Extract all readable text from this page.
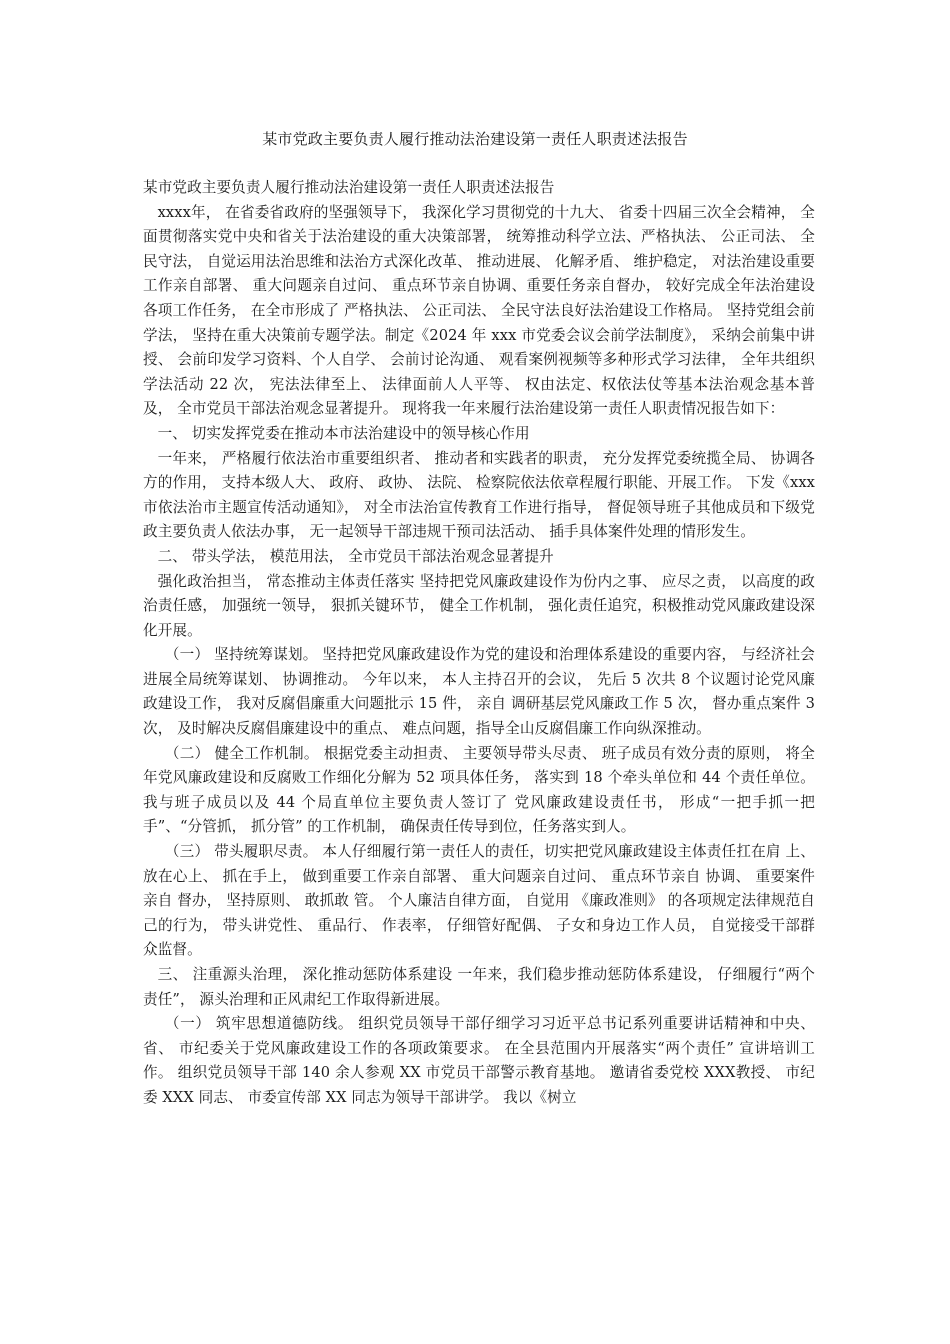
某市党政主要负责人履行推动法治建设第一责任人职责述法报告

某市党政主要负责人履行推动法治建设第一责任人职责述法报告

xxxx年， 在省委省政府的坚强领导下， 我深化学习贯彻党的十九大、 省委十四届三次全会精神， 全面贯彻落实党中央和省关于法治建设的重大决策部署， 统筹推动科学立法、严格执法、 公正司法、 全民守法， 自觉运用法治思维和法治方式深化改革、 推动进展、 化解矛盾、 维护稳定， 对法治建设重要工作亲自部署、 重大问题亲自过问、 重点环节亲自协调、重要任务亲自督办， 较好完成全年法治建设各项工作任务， 在全市形成了 严格执法、 公正司法、 全民守法良好法治建设工作格局。 坚持党组会前学法， 坚持在重大决策前专题学法。制定《2024 年 xxx 市党委会议会前学法制度》， 采纳会前集中讲授、 会前印发学习资料、个人自学、 会前讨论沟通、 观看案例视频等多种形式学习法律， 全年共组织学法活动 22 次， 宪法法律至上、 法律面前人人平等、 权由法定、权依法仗等基本法治观念基本普及， 全市党员干部法治观念显著提升。 现将我一年来履行法治建设第一责任人职责情况报告如下：

一、 切实发挥党委在推动本市法治建设中的领导核心作用

一年来， 严格履行依法治市重要组织者、 推动者和实践者的职责， 充分发挥党委统揽全局、 协调各方的作用， 支持本级人大、 政府、 政协、 法院、 检察院依法依章程履行职能、开展工作。 下发《xxx 市依法治市主题宣传活动通知》， 对全市法治宣传教育工作进行指导， 督促领导班子其他成员和下级党政主要负责人依法办事， 无一起领导干部违规干预司法活动、 插手具体案件处理的情形发生。

二、 带头学法， 模范用法， 全市党员干部法治观念显著提升

强化政治担当， 常态推动主体责任落实 坚持把党风廉政建设作为份内之事、 应尽之责， 以高度的政治责任感， 加强统一领导， 狠抓关键环节， 健全工作机制， 强化责任追究，积极推动党风廉政建设深化开展。

（一） 坚持统筹谋划。 坚持把党风廉政建设作为党的建设和治理体系建设的重要内容， 与经济社会进展全局统筹谋划、 协调推动。 今年以来， 本人主持召开的会议， 先后 5 次共 8 个议题讨论党风廉政建设工作， 我对反腐倡廉重大问题批示 15 件， 亲自 调研基层党风廉政工作 5 次， 督办重点案件 3 次， 及时解决反腐倡廉建设中的重点、 难点问题，指导全山反腐倡廉工作向纵深推动。

（二） 健全工作机制。 根据党委主动担责、 主要领导带头尽责、 班子成员有效分责的原则， 将全年党风廉政建设和反腐败工作细化分解为 52 项具体任务， 落实到 18 个牵头单位和 44 个责任单位。 我与班子成员以及 44 个局直单位主要负责人签订了 党风廉政建设责任书， 形成“一把手抓一把手”、“分管抓， 抓分管” 的工作机制， 确保责任传导到位，任务落实到人。

（三） 带头履职尽责。 本人仔细履行第一责任人的责任，切实把党风廉政建设主体责任扛在肩 上、 放在心上、 抓在手上， 做到重要工作亲自部署、 重大问题亲自过问、 重点环节亲自 协调、 重要案件亲自 督办， 坚持原则、 敢抓敢 管。 个人廉洁自律方面， 自觉用 《廉政准则》 的各项规定法律规范自己的行为， 带头讲党性、 重品行、 作表率， 仔细管好配偶、 子女和身边工作人员， 自觉接受干部群众监督。

三、 注重源头治理， 深化推动惩防体系建设 一年来，我们稳步推动惩防体系建设， 仔细履行“两个责任”， 源头治理和正风肃纪工作取得新进展。

（一） 筑牢思想道德防线。 组织党员领导干部仔细学习习近平总书记系列重要讲话精神和中央、 省、 市纪委关于党风廉政建设工作的各项政策要求。 在全县范围内开展落实“两个责任” 宣讲培训工作。 组织党员领导干部 140 余人参观 XX 市党员干部警示教育基地。 邀请省委党校 XXX教授、 市纪委 XXX 同志、 市委宣传部 XX 同志为领导干部讲学。 我以《树立
